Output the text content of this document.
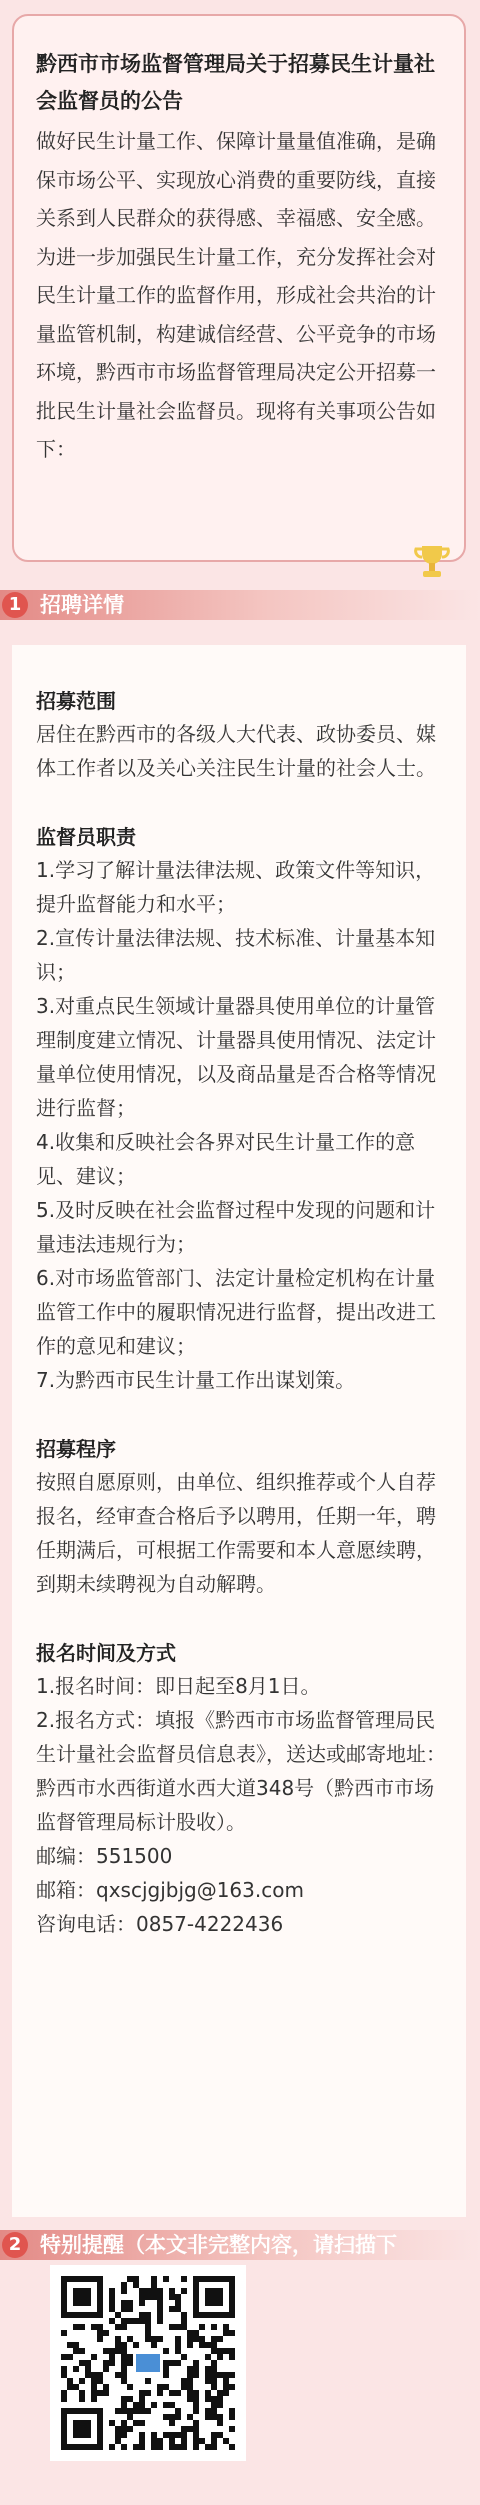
黔西市市场监督管理局关于招募民生计量社会监督员的公告

做好民生计量工作、保障计量量值准确，是确保市场公平、实现放心消费的重要防线，直接关系到人民群众的获得感、幸福感、安全感。为进一步加强民生计量工作，充分发挥社会对民生计量工作的监督作用，形成社会共治的计量监管机制，构建诚信经营、公平竞争的市场环境，黔西市市场监督管理局决定公开招募一批民生计量社会监督员。现将有关事项公告如下：

1 招聘详情
招募范围

居住在黔西市的各级人大代表、政协委员、媒体工作者以及关心关注民生计量的社会人士。

监督员职责

1.学习了解计量法律法规、政策文件等知识，提升监督能力和水平；

2.宣传计量法律法规、技术标准、计量基本知识；

3.对重点民生领域计量器具使用单位的计量管理制度建立情况、计量器具使用情况、法定计量单位使用情况，以及商品量是否合格等情况进行监督；

4.收集和反映社会各界对民生计量工作的意见、建议；

5.及时反映在社会监督过程中发现的问题和计量违法违规行为；

6.对市场监管部门、法定计量检定机构在计量监管工作中的履职情况进行监督，提出改进工作的意见和建议；

7.为黔西市民生计量工作出谋划策。

招募程序

按照自愿原则，由单位、组织推荐或个人自荐报名，经审查合格后予以聘用，任期一年，聘任期满后，可根据工作需要和本人意愿续聘，到期未续聘视为自动解聘。

报名时间及方式

1.报名时间：即日起至8月1日。

2.报名方式：填报《黔西市市场监督管理局民生计量社会监督员信息表》，送达或邮寄地址：黔西市水西街道水西大道348号（黔西市市场监督管理局标计股收）。

邮编：551500

邮箱：qxscjgjbjg@163.com

咨询电话：0857-4222436

2 特别提醒（本文非完整内容，请扫描下
